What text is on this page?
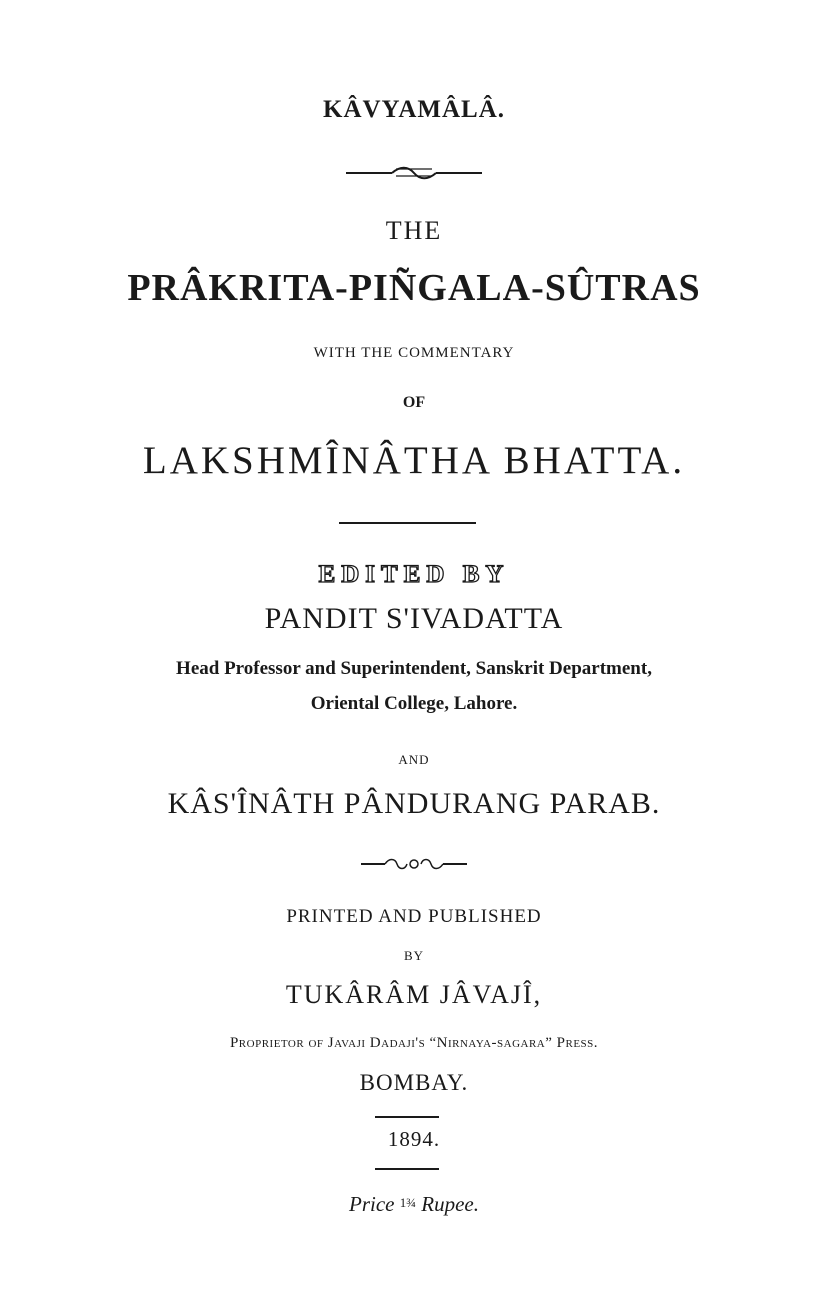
KÂVYAMÂLÂ.
THE
PRÂKRITA-PIÑGALA-SÛTRAS
WITH THE COMMENTARY
OF
LAKSHMÎNÂTHA BHATTA.
EDITED BY
PANDIT S'IVADATTA
Head Professor and Superintendent, Sanskrit Department,
Oriental College, Lahore.
AND
KÂS'ÎNÂTH PÂNDURANG PARAB.
PRINTED AND PUBLISHED
BY
TUKÂRÂM JÂVAJÎ,
Proprietor of Javaji Dadaji's “Nirnaya-sagara” Press.
BOMBAY.
1894.
Price 1¾ Rupee.
